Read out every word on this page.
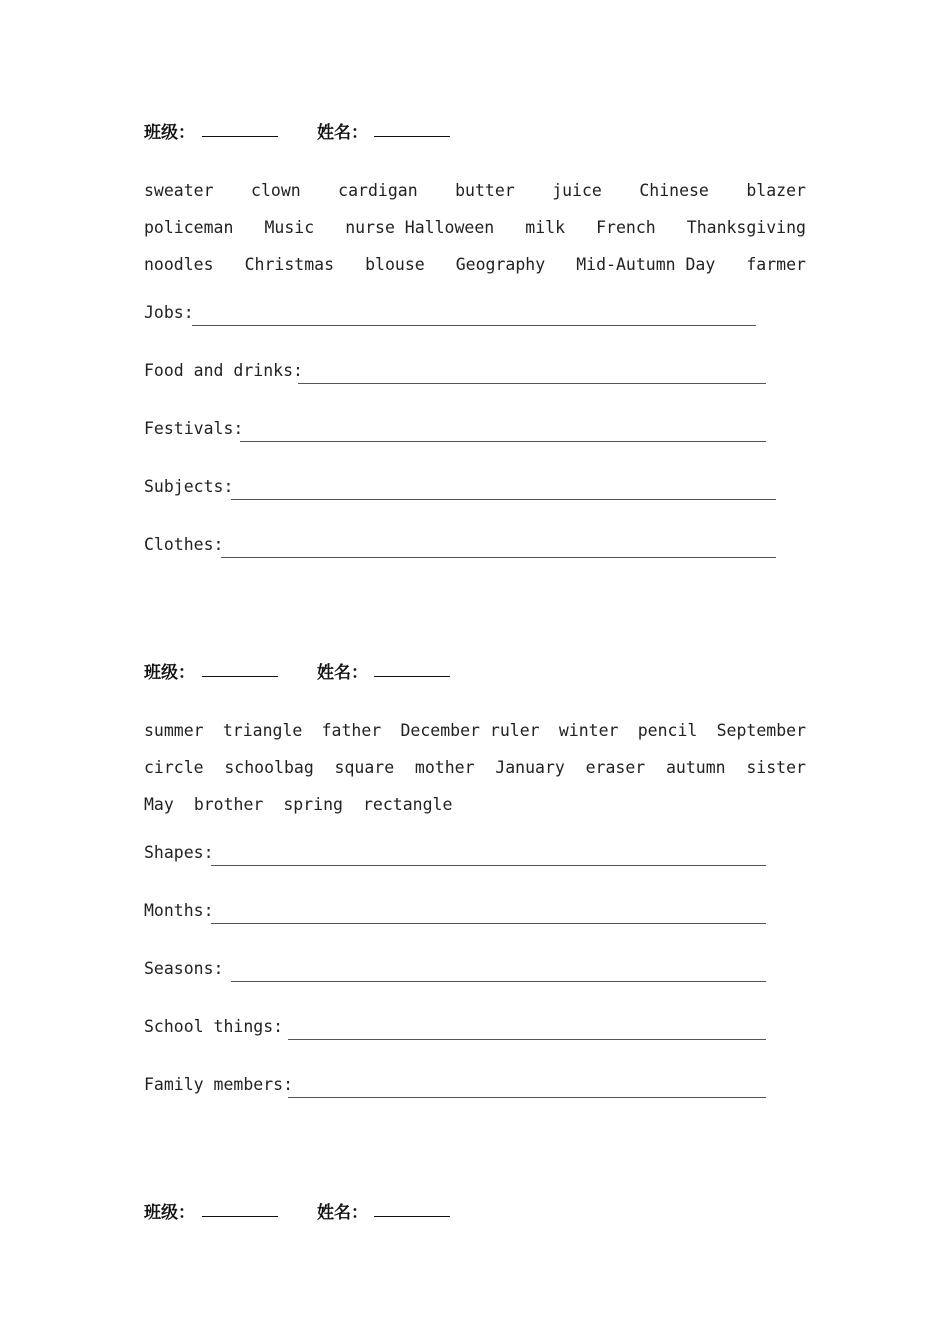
班级：	姓名：
sweater clown cardigan butter juice Chinese blazer
policeman Music nurse Halloween milk French Thanksgiving
noodles Christmas blouse Geography Mid-Autumn Day farmer
Jobs:
Food and drinks:
Festivals:
Subjects:
Clothes:
班级：	姓名：
summer triangle father December ruler winter pencil September
circle schoolbag square mother January eraser autumn sister
May brother spring rectangle
Shapes:
Months:
Seasons:
School things:
Family members:
班级：	姓名：
